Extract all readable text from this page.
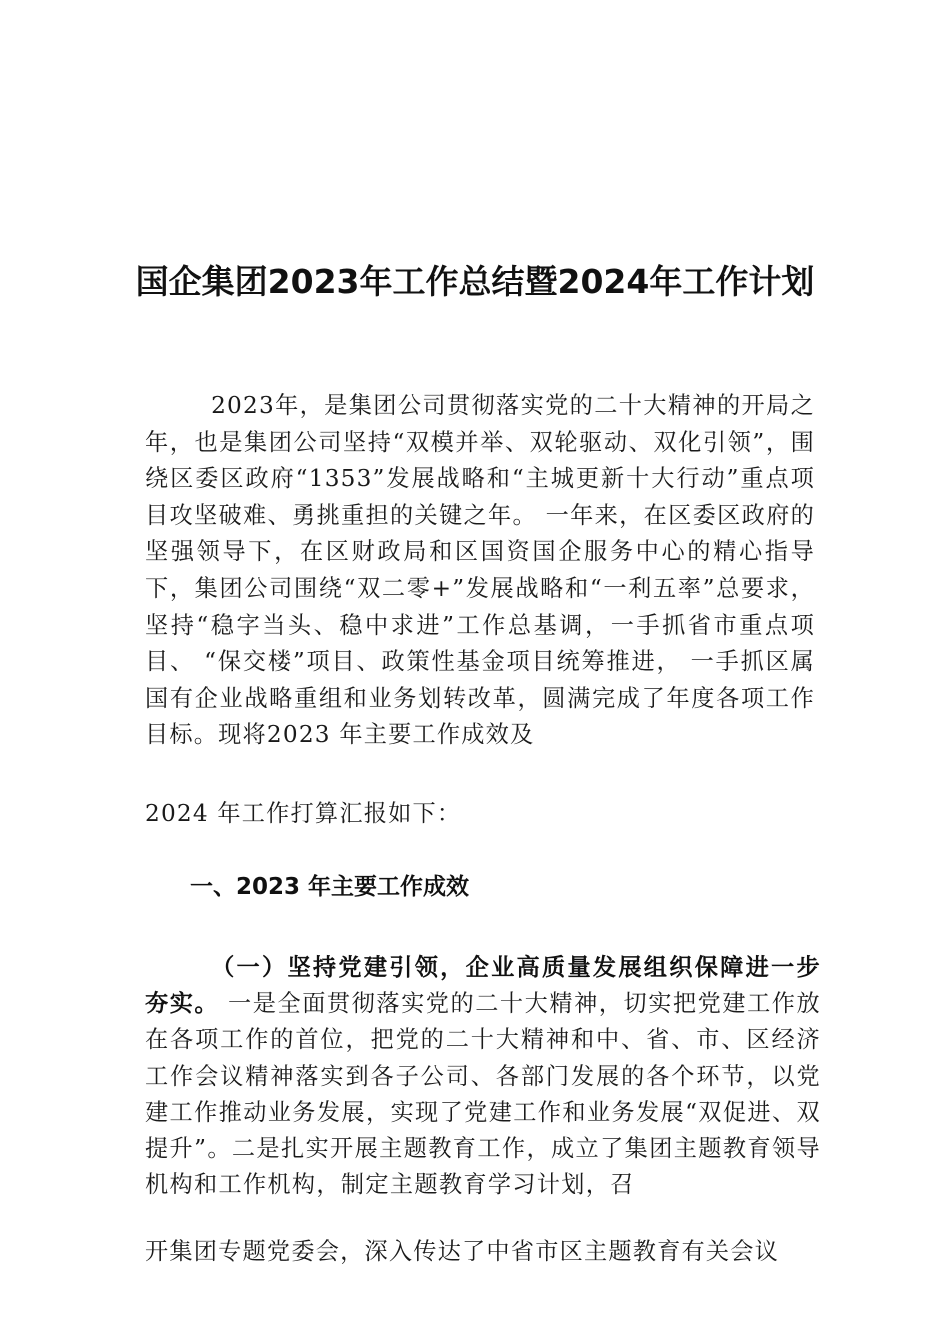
国企集团2023年工作总结暨2024年工作计划
2023年，是集团公司贯彻落实党的二十大精神的开局之年，也是集团公司坚持“双模并举、双轮驱动、双化引领”，围绕区委区政府“1353”发展战略和“主城更新十大行动”重点项目攻坚破难、勇挑重担的关键之年。 一年来，在区委区政府的坚强领导下，在区财政局和区国资国企服务中心的精心指导下，集团公司围绕“双二零+”发展战略和“一利五率”总要求，坚持“稳字当头、稳中求进”工作总基调，一手抓省市重点项目、 “保交楼”项目、政策性基金项目统筹推进， 一手抓区属国有企业战略重组和业务划转改革，圆满完成了年度各项工作目标。现将2023 年主要工作成效及
2024 年工作打算汇报如下：
一、2023 年主要工作成效
（一）坚持党建引领，企业高质量发展组织保障进一步夯实。 一是全面贯彻落实党的二十大精神，切实把党建工作放在各项工作的首位，把党的二十大精神和中、省、市、区经济工作会议精神落实到各子公司、各部门发展的各个环节，以党建工作推动业务发展，实现了党建工作和业务发展“双促进、双提升”。二是扎实开展主题教育工作，成立了集团主题教育领导机构和工作机构，制定主题教育学习计划，召
开集团专题党委会，深入传达了中省市区主题教育有关会议
